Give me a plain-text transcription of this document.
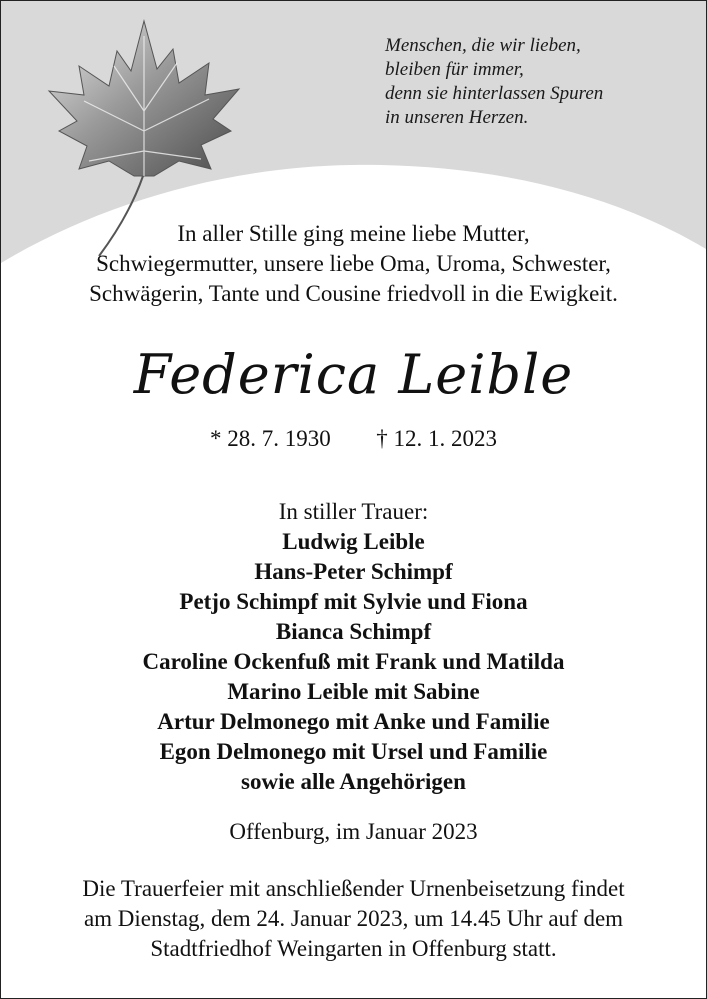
Menschen, die wir lieben,
bleiben für immer,
denn sie hinterlassen Spuren
in unseren Herzen.
In aller Stille ging meine liebe Mutter,
Schwiegermutter, unsere liebe Oma, Uroma, Schwester,
Schwägerin, Tante und Cousine friedvoll in die Ewigkeit.
Federica Leible
* 28. 7. 1930 † 12. 1. 2023
In stiller Trauer:
Ludwig Leible
Hans-Peter Schimpf
Petjo Schimpf mit Sylvie und Fiona
Bianca Schimpf
Caroline Ockenfuß mit Frank und Matilda
Marino Leible mit Sabine
Artur Delmonego mit Anke und Familie
Egon Delmonego mit Ursel und Familie
sowie alle Angehörigen
Offenburg, im Januar 2023
Die Trauerfeier mit anschließender Urnenbeisetzung findet
am Dienstag, dem 24. Januar 2023, um 14.45 Uhr auf dem
Stadtfriedhof Weingarten in Offenburg statt.
